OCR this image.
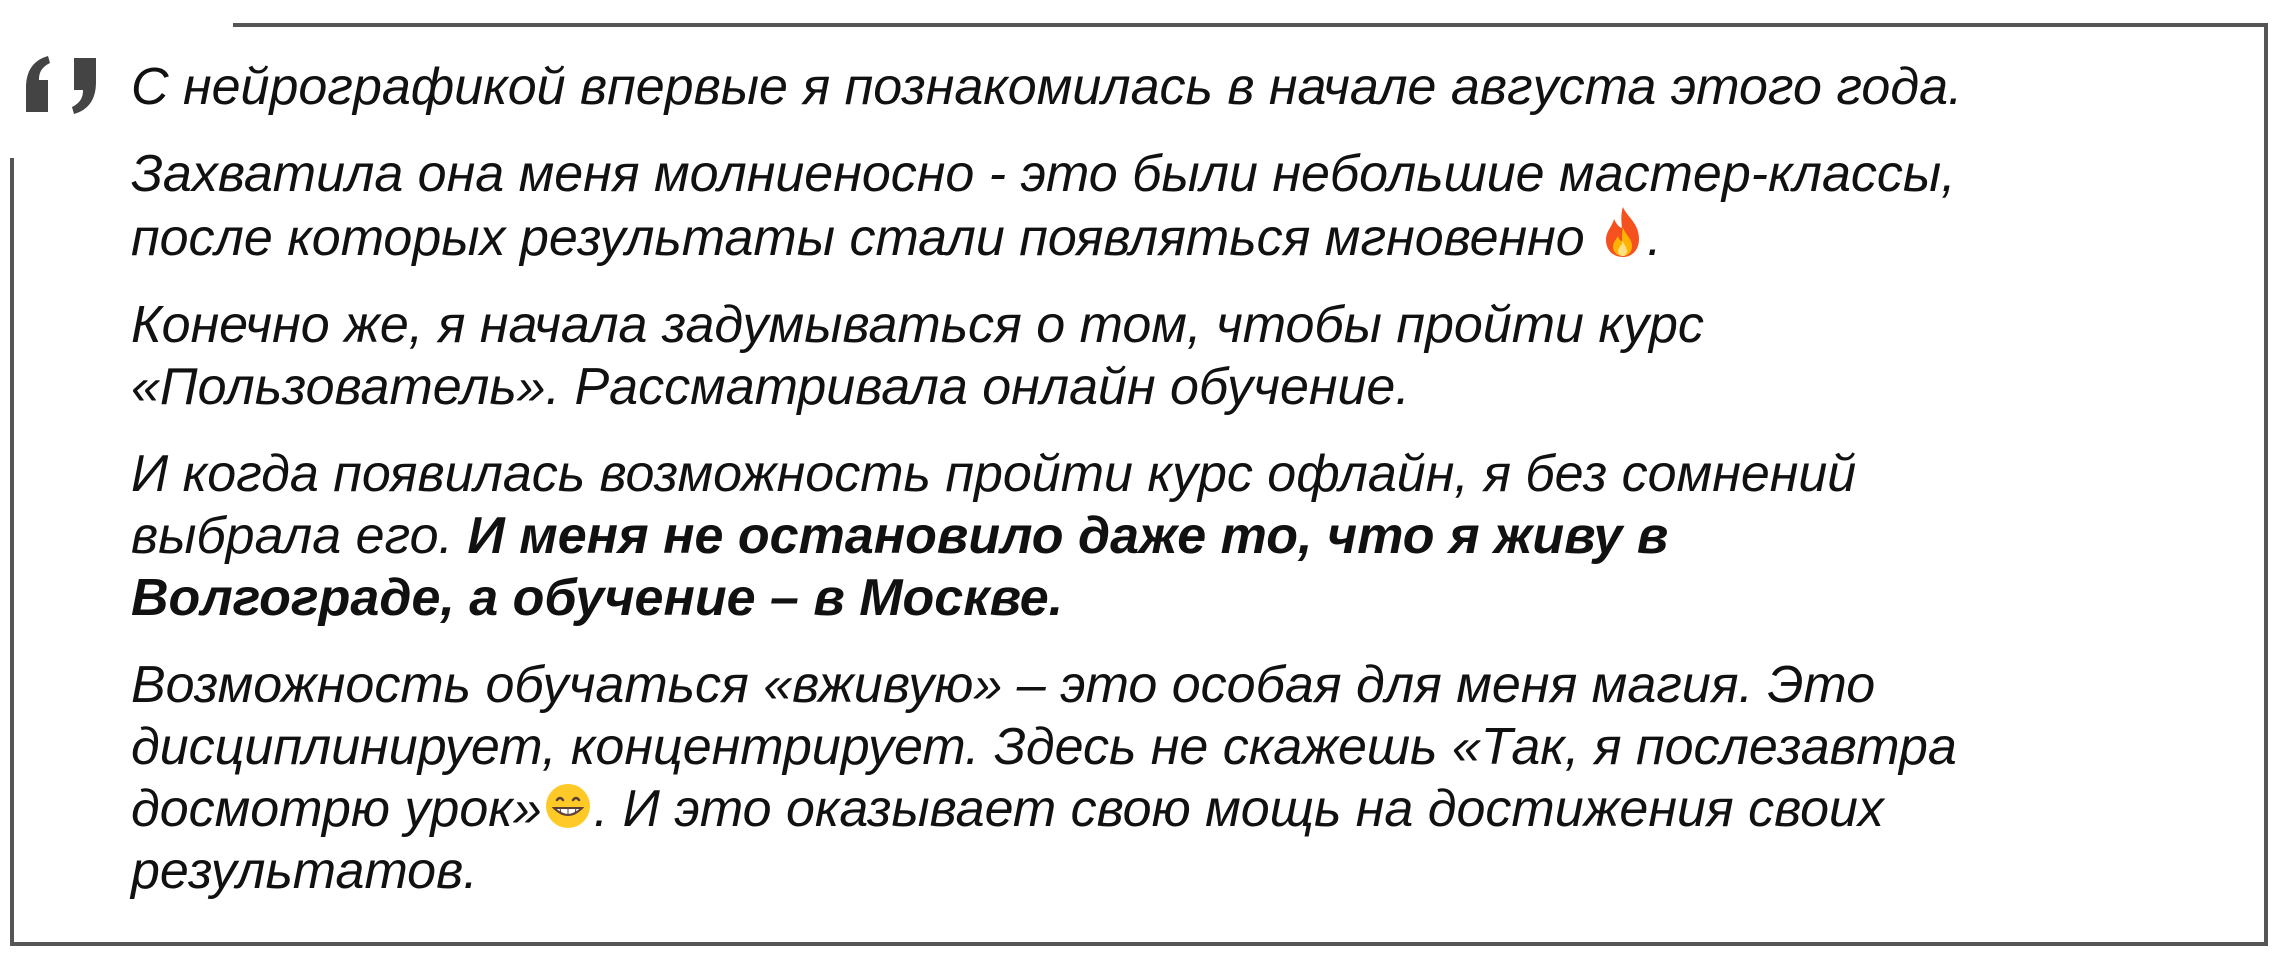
С нейрографикой впервые я познакомилась в начале августа этого года.

Захватила она меня молниеносно - это были небольшие мастер-классы,
после которых результаты стали появляться мгновенно .

Конечно же, я начала задумываться о том, чтобы пройти курс
«Пользователь». Рассматривала онлайн обучение.

И когда появилась возможность пройти курс офлайн, я без сомнений
выбрала его. И меня не остановило даже то, что я живу в
Волгограде, а обучение – в Москве.

Возможность обучаться «вживую» – это особая для меня магия. Это
дисциплинирует, концентрирует. Здесь не скажешь «Так, я послезавтра
досмотрю урок» . И это оказывает свою мощь на достижения своих
результатов.
